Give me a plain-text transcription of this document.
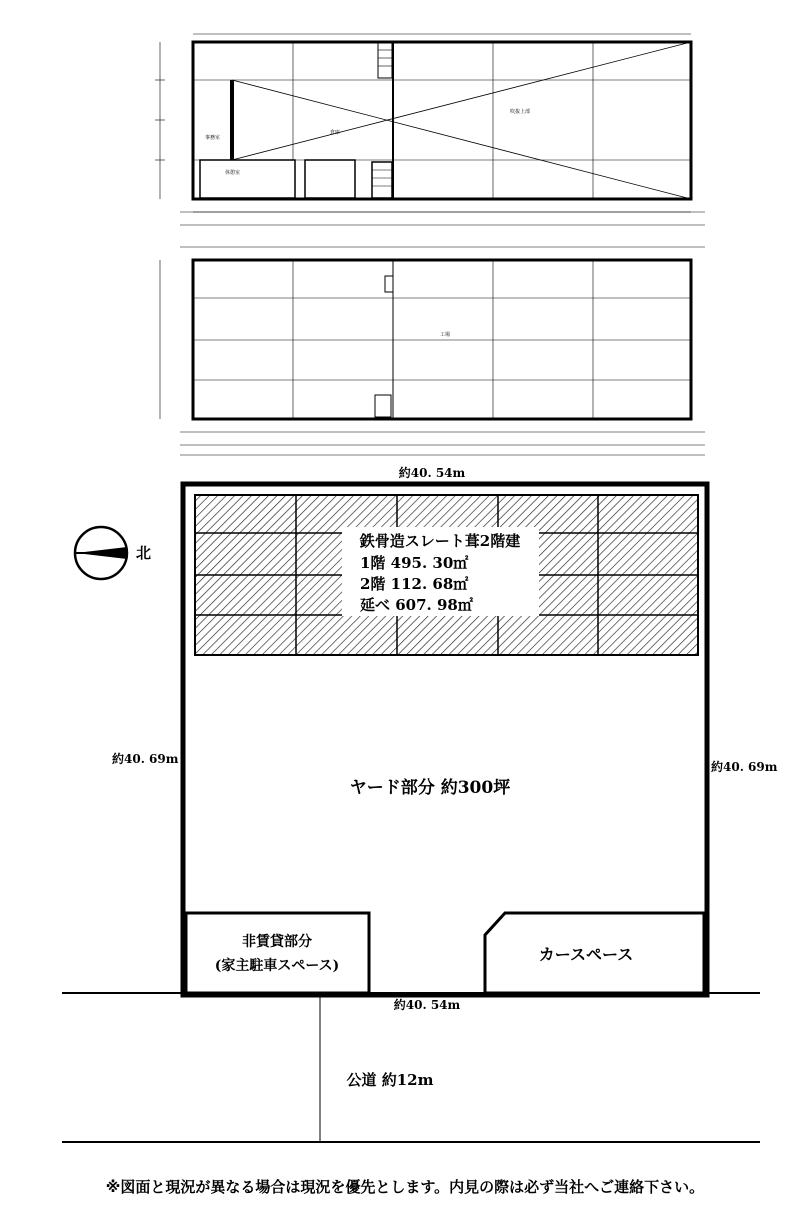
事務室
倉庫
吹抜上部
休憩室
工場
鉄骨造スレート葺2階建
1階 495. 30㎡
2階 112. 68㎡
延べ 607. 98㎡
約40. 54m
約40. 69m
約40. 69m
約40. 54m
北
ヤード部分 約300坪
非賃貸部分
(家主駐車スペース)
カースペース
公道 約12m
※図面と現況が異なる場合は現況を優先とします。内見の際は必ず当社へご連絡下さい。
